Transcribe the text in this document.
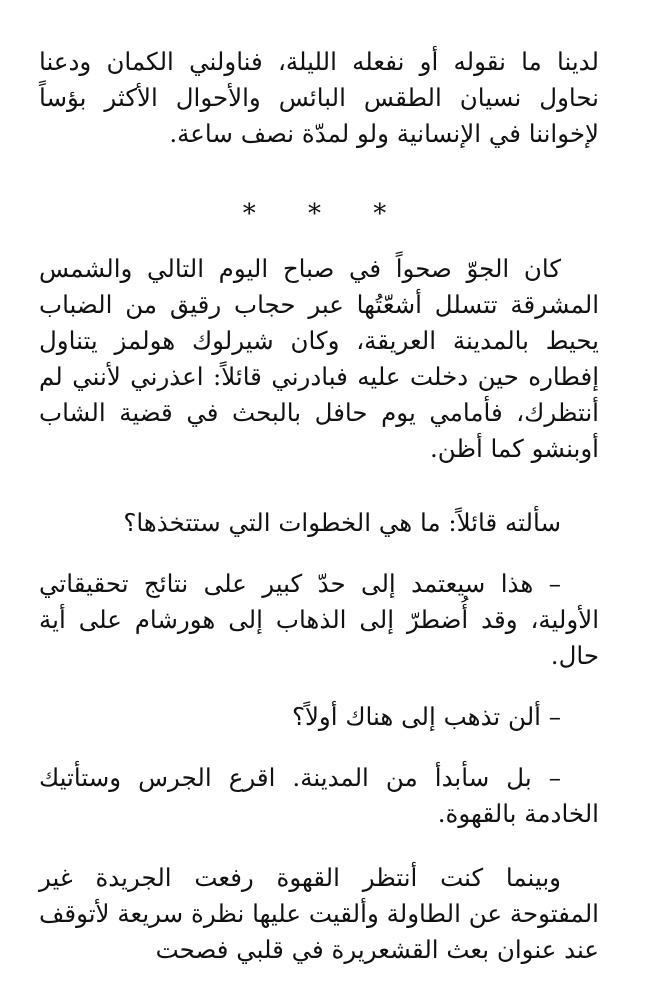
لدينا ما نقوله أو نفعله الليلة، فناولني الكمان ودعنا نحاول نسيان الطقس البائس والأحوال الأكثر بؤساً لإخواننا في الإنسانية ولو لمدّة نصف ساعة.

* * *

كان الجوّ صحواً في صباح اليوم التالي والشمس المشرقة تتسلل أشعّتُها عبر حجاب رقيق من الضباب يحيط بالمدينة العريقة، وكان شيرلوك هولمز يتناول إفطاره حين دخلت عليه فبادرني قائلاً: اعذرني لأنني لم أنتظرك، فأمامي يوم حافل بالبحث في قضية الشاب أوبنشو كما أظن.

سألته قائلاً: ما هي الخطوات التي ستتخذها؟

– هذا سيعتمد إلى حدّ كبير على نتائج تحقيقاتي الأولية، وقد أُضطرّ إلى الذهاب إلى هورشام على أية حال.

– ألن تذهب إلى هناك أولاً؟

– بل سأبدأ من المدينة. اقرع الجرس وستأتيك الخادمة بالقهوة.

وبينما كنت أنتظر القهوة رفعت الجريدة غير المفتوحة عن الطاولة وألقيت عليها نظرة سريعة لأتوقف عند عنوان بعث القشعريرة في قلبي فصحت
